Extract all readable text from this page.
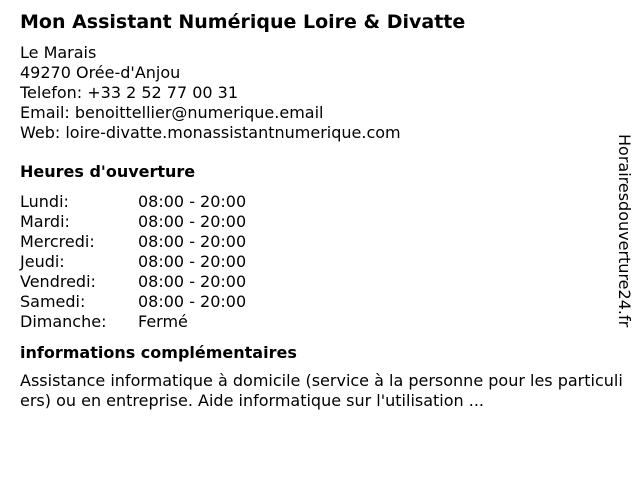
Mon Assistant Numérique Loire & Divatte
Le Marais
49270 Orée-d'Anjou
Telefon: +33 2 52 77 00 31
Email: benoittellier@numerique.email
Web: loire-divatte.monassistantnumerique.com
Heures d'ouverture
Lundi:	08:00 - 20:00
Mardi:	08:00 - 20:00
Mercredi:	08:00 - 20:00
Jeudi:	08:00 - 20:00
Vendredi:	08:00 - 20:00
Samedi:	08:00 - 20:00
Dimanche:	Fermé
informations complémentaires
Assistance informatique à domicile (service à la personne pour les particuliers) ou en entreprise. Aide informatique sur l'utilisation ...
Horairesdouverture24.fr
